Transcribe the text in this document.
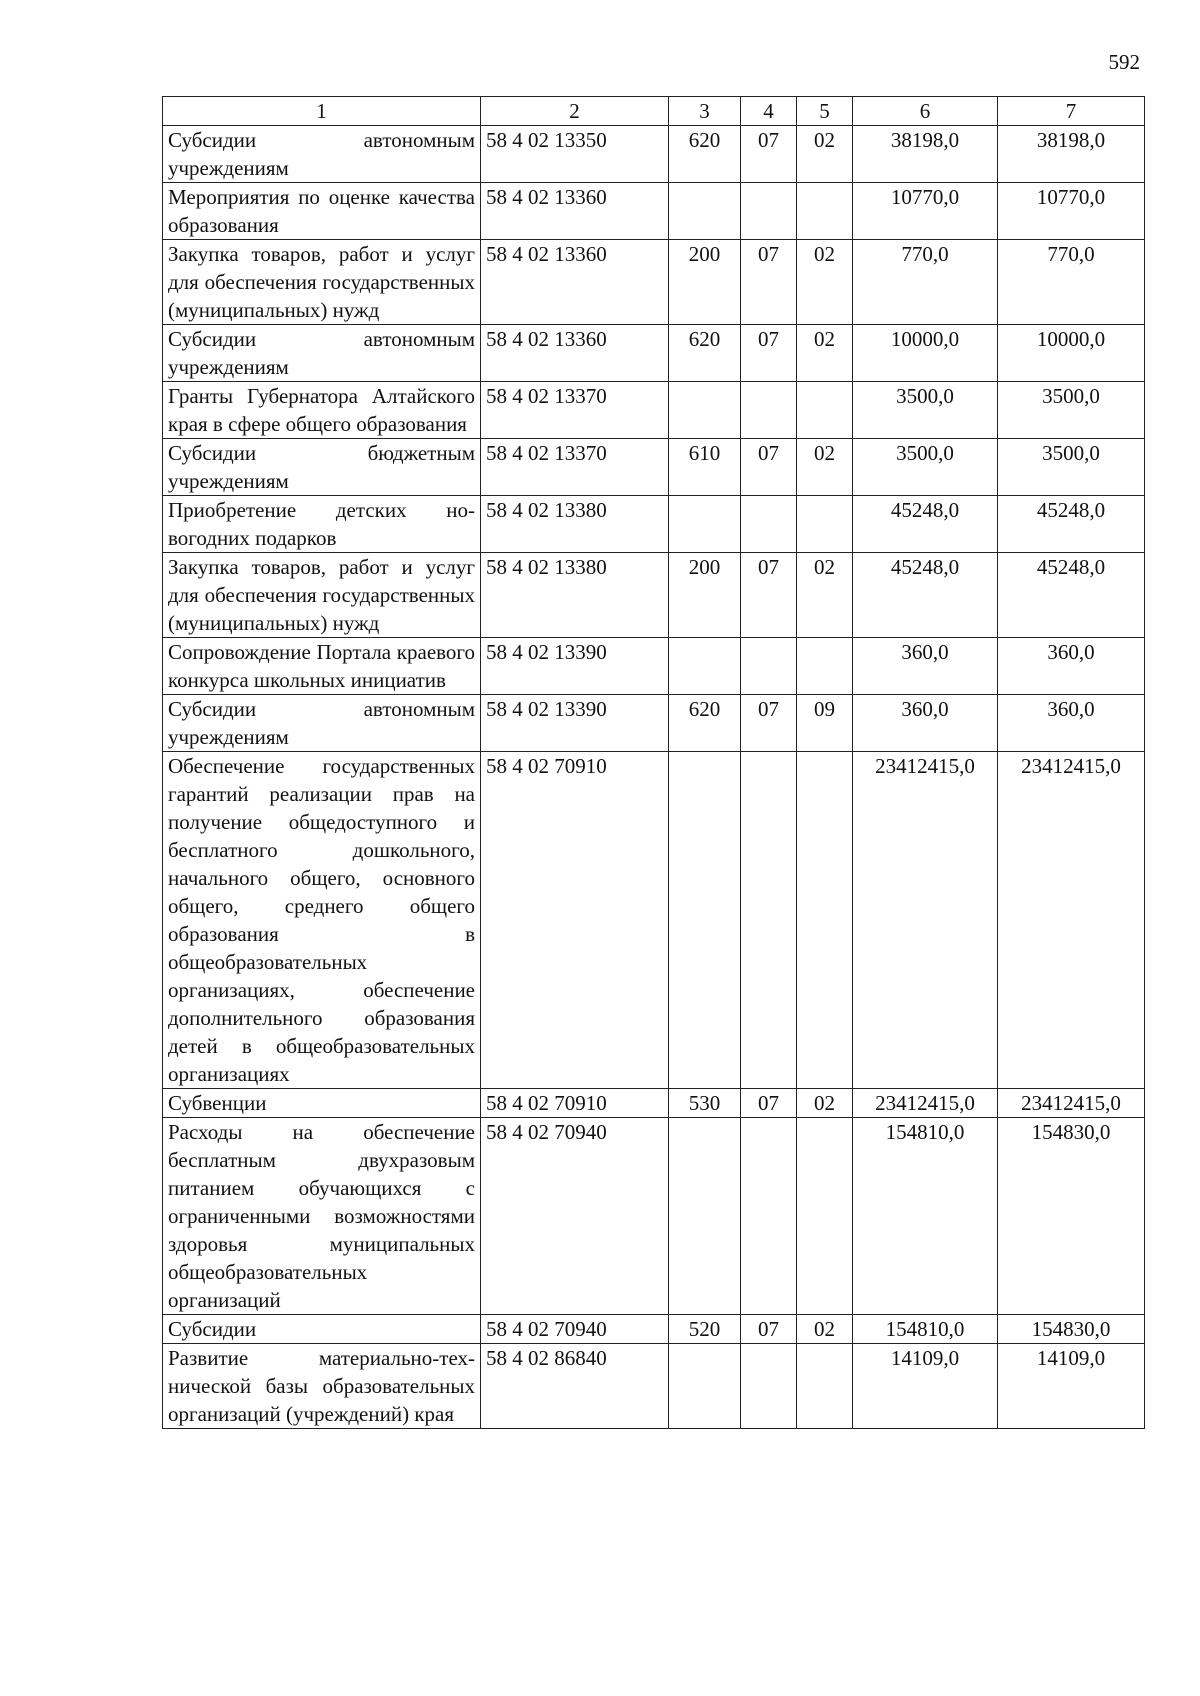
592
1	2	3	4	5	6	7
Субсидии автономным учреждениям	58 4 02 13350	620	07	02	38198,0	38198,0
Мероприятия по оценке качества образования	58 4 02 13360				10770,0	10770,0
Закупка товаров, работ и услуг для обеспечения государственных (муниципальных) нужд	58 4 02 13360	200	07	02	770,0	770,0
Субсидии автономным учреждениям	58 4 02 13360	620	07	02	10000,0	10000,0
Гранты Губернатора Алтайского края в сфере общего образования	58 4 02 13370				3500,0	3500,0
Субсидии бюджетным учреждениям	58 4 02 13370	610	07	02	3500,0	3500,0
Приобретение детских новогодних подарков	58 4 02 13380				45248,0	45248,0
Закупка товаров, работ и услуг для обеспечения государственных (муниципальных) нужд	58 4 02 13380	200	07	02	45248,0	45248,0
Сопровождение Портала краевого конкурса школьных инициатив	58 4 02 13390				360,0	360,0
Субсидии автономным учреждениям	58 4 02 13390	620	07	09	360,0	360,0
Обеспечение государственных гарантий реализации прав на получение общедоступного и бесплатного дошкольного, начального общего, основного общего, среднего общего образования в общеобразовательных организациях, обеспечение дополнительного образования детей в общеобразовательных организациях	58 4 02 70910				23412415,0	23412415,0
Субвенции	58 4 02 70910	530	07	02	23412415,0	23412415,0
Расходы на обеспечение бесплатным двухразовым питанием обучающихся с ограниченными возможностями здоровья муниципальных общеобразовательных организаций	58 4 02 70940				154810,0	154830,0
Субсидии	58 4 02 70940	520	07	02	154810,0	154830,0
Развитие материально-технической базы образовательных организаций (учреждений) края	58 4 02 86840				14109,0	14109,0
